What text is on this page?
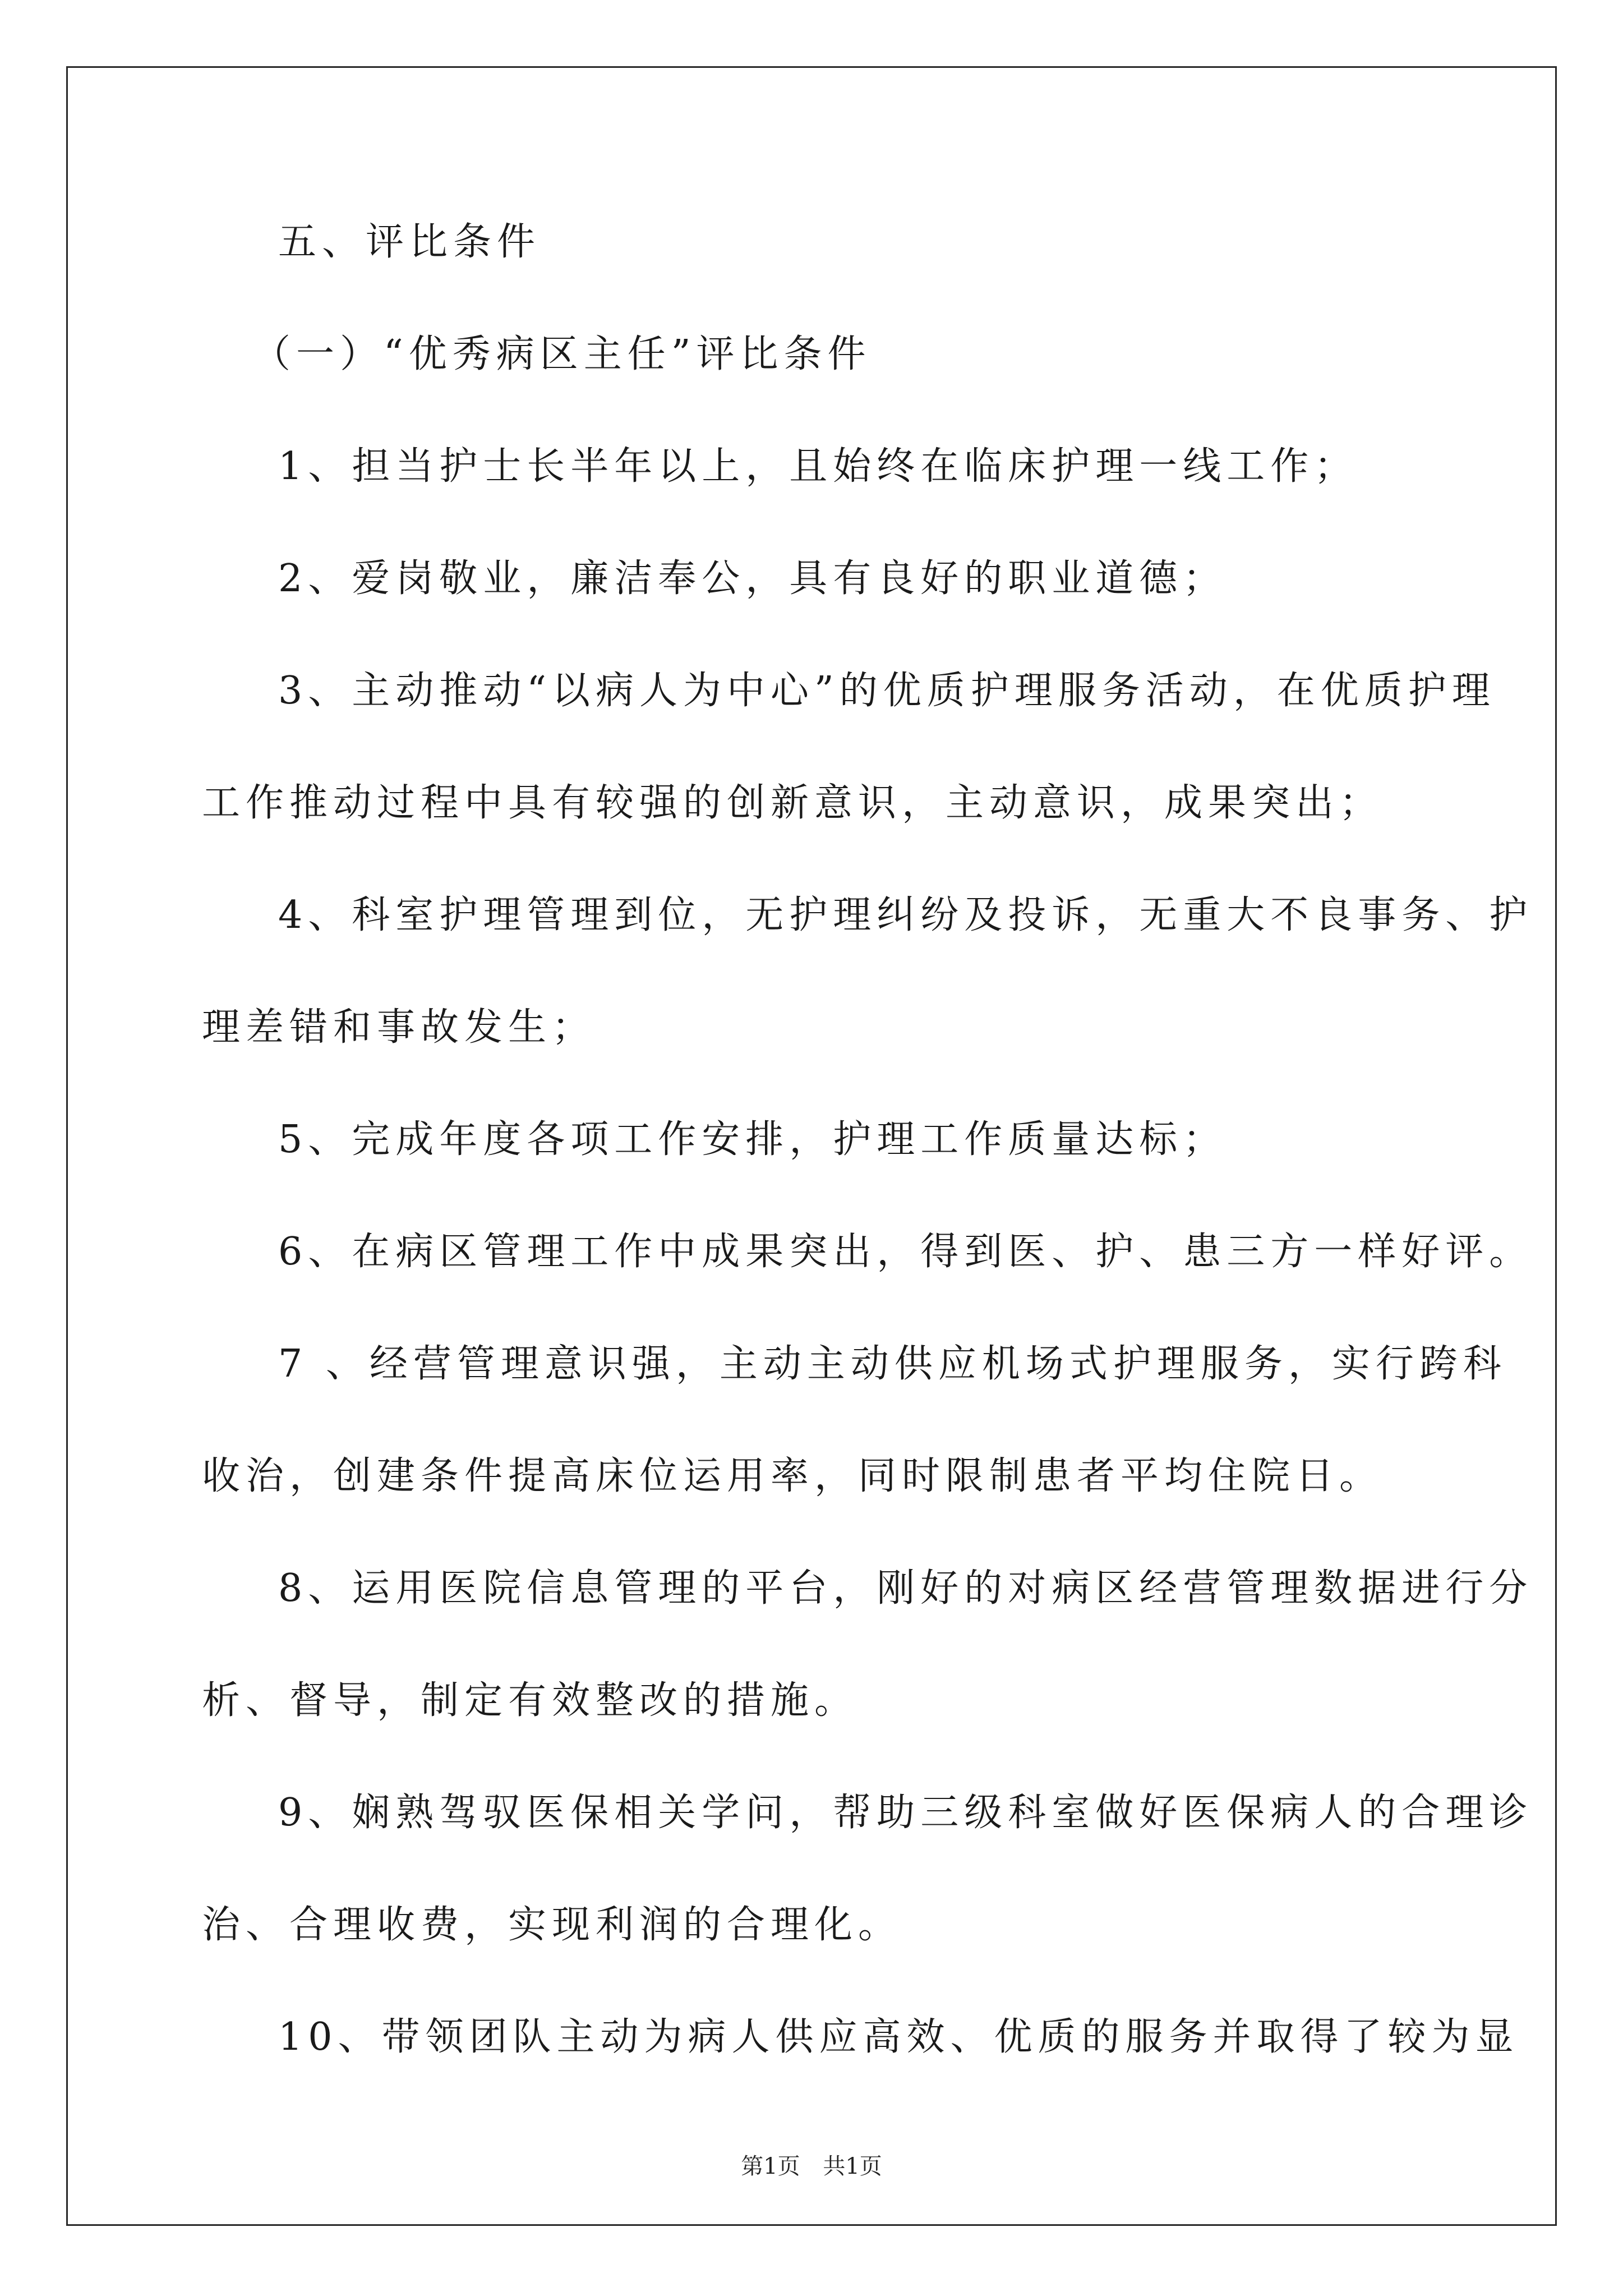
五、评比条件

（一）“优秀病区主任”评比条件

1、担当护士长半年以上，且始终在临床护理一线工作；

2、爱岗敬业，廉洁奉公，具有良好的职业道德；

3、主动推动“以病人为中心”的优质护理服务活动，在优质护理

工作推动过程中具有较强的创新意识，主动意识，成果突出；

4、科室护理管理到位，无护理纠纷及投诉，无重大不良事务、护

理差错和事故发生；

5、完成年度各项工作安排，护理工作质量达标；

6、在病区管理工作中成果突出，得到医、护、患三方一样好评。

7 、经营管理意识强，主动主动供应机场式护理服务，实行跨科

收治，创建条件提高床位运用率，同时限制患者平均住院日。

8、运用医院信息管理的平台，刚好的对病区经营管理数据进行分

析、督导，制定有效整改的措施。

9、娴熟驾驭医保相关学问，帮助三级科室做好医保病人的合理诊

治、合理收费，实现利润的合理化。

10、带领团队主动为病人供应高效、优质的服务并取得了较为显

第1页 共1页
